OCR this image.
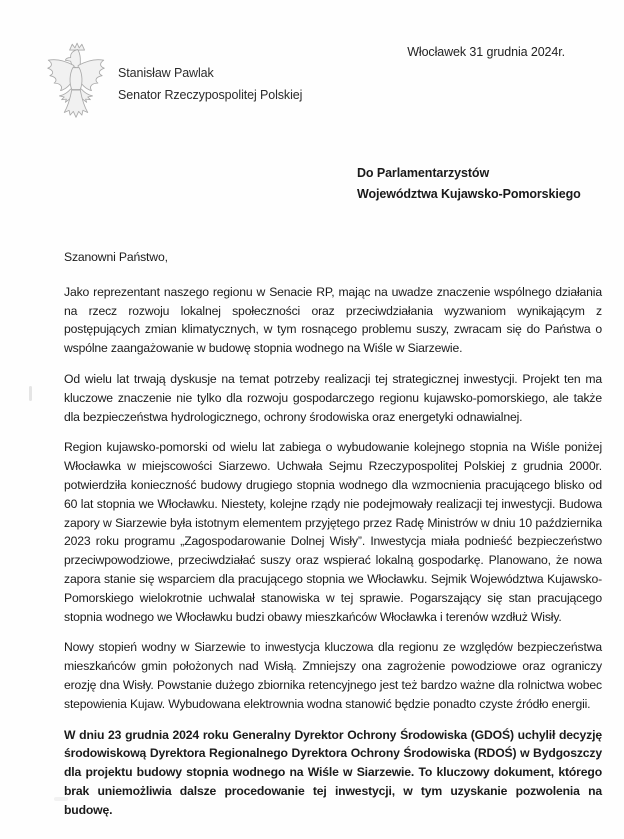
Stanisław Pawlak
Senator Rzeczypospolitej Polskiej
Włocławek 31 grudnia 2024r.
Do Parlamentarzystów
Województwa Kujawsko-Pomorskiego
Szanowni Państwo,

Jako reprezentant naszego regionu w Senacie RP, mając na uwadze znaczenie wspólnego działania na rzecz rozwoju lokalnej społeczności oraz przeciwdziałania wyzwaniom wynikającym z postępujących zmian klimatycznych, w tym rosnącego problemu suszy, zwracam się do Państwa o wspólne zaangażowanie w budowę stopnia wodnego na Wiśle w Siarzewie.

Od wielu lat trwają dyskusje na temat potrzeby realizacji tej strategicznej inwestycji. Projekt ten ma kluczowe znaczenie nie tylko dla rozwoju gospodarczego regionu kujawsko-pomorskiego, ale także dla bezpieczeństwa hydrologicznego, ochrony środowiska oraz energetyki odnawialnej.

Region kujawsko-pomorski od wielu lat zabiega o wybudowanie kolejnego stopnia na Wiśle poniżej Włocławka w miejscowości Siarzewo. Uchwała Sejmu Rzeczypospolitej Polskiej z grudnia 2000r. potwierdziła konieczność budowy drugiego stopnia wodnego dla wzmocnienia pracującego blisko od 60 lat stopnia we Włocławku. Niestety, kolejne rządy nie podejmowały realizacji tej inwestycji. Budowa zapory w Siarzewie była istotnym elementem przyjętego przez Radę Ministrów w dniu 10 października 2023 roku programu „Zagospodarowanie Dolnej Wisły”. Inwestycja miała podnieść bezpieczeństwo przeciwpowodziowe, przeciwdziałać suszy oraz wspierać lokalną gospodarkę. Planowano, że nowa zapora stanie się wsparciem dla pracującego stopnia we Włocławku. Sejmik Województwa Kujawsko-Pomorskiego wielokrotnie uchwalał stanowiska w tej sprawie. Pogarszający się stan pracującego stopnia wodnego we Włocławku budzi obawy mieszkańców Włocławka i terenów wzdłuż Wisły.

Nowy stopień wodny w Siarzewie to inwestycja kluczowa dla regionu ze względów bezpieczeństwa mieszkańców gmin położonych nad Wisłą. Zmniejszy ona zagrożenie powodziowe oraz ograniczy erozję dna Wisły. Powstanie dużego zbiornika retencyjnego jest też bardzo ważne dla rolnictwa wobec stepowienia Kujaw. Wybudowana elektrownia wodna stanowić będzie ponadto czyste źródło energii.

W dniu 23 grudnia 2024 roku Generalny Dyrektor Ochrony Środowiska (GDOŚ) uchylił decyzję środowiskową Dyrektora Regionalnego Dyrektora Ochrony Środowiska (RDOŚ) w Bydgoszczy dla projektu budowy stopnia wodnego na Wiśle w Siarzewie. To kluczowy dokument, którego brak uniemożliwia dalsze procedowanie tej inwestycji, w tym uzyskanie pozwolenia na budowę.
